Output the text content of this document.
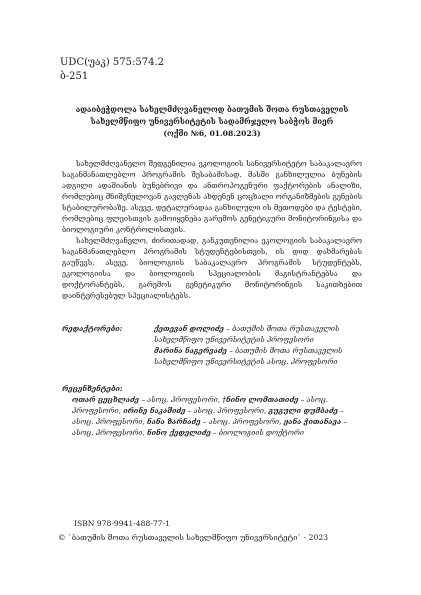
UDC(უაკ) 575:574.2
ბ-251
ადაიბეჭდოლა სახელმძღვანელოდ ბათუმის შოთა რუსთაველის
სახელმწიფო უნივერსიტეტის სადამრჯელო საბჭოს მიერ
(ოქმი №6, 01.08.2023)

სახელმძღვანელო შედგენილია ეკოლოგიის სანივერსიტეტო საბაკალავრო საგანმანათლებლო პროგრამის შესაბამისად. მასში განხილულია ბუნების ადგილი ადამიანის ბუნებრივი და ანთროპოგენური ფაქტორების ანალიზი, რომლებიც მნიშვნელოვან გავლენას ახდენენ ცოცხალი ორგანიზმების გენების სტაბილურობაზე. ასევე, დეტალურადაა განხილული ის მეთოდები და ტესტები, რომლებიც ფლეისთვის გამოიყენება გარემოს გენეტიკური მონიტორინგისა და ბიოლოგიური კონტროლისთვის.

სახელმძღვანელო, ძირითადად, განკუთვნილია ეკოლოგიის საბაკალავრო საგანმანათლებლო პროგრამის სტუდენტებისთვის, ის დიდ დახმარებას გაუწევს, ასევე, ბიოლოგიის საბაკალავრო პროგრამის სტუდენტებს, ეკოლოგიისა და ბიოლოგიის სპეციალობის მაგისტრანტებსა და დოქტორანტებს, გარემოს გენეტიკური მონიტორინგის საკითხებით დაინტერესებულ სპეციალისტებს.

რედაქტორები:	ქეთევან დოლიძე – ბათუმის შოთა რუსთაველის სახელმწიფო უნივერსიტეტის პროფესორი
მარინა ნაგერვაძე – ბათუმის შოთა რუსთაველის სახელმწიფო უნივერსიტეტის ასოც. პროფესორი
რეცენზენტები:
ოთარ ცეცხლაძე – ასოც. პროფესორი, †ნინო ლომთათიძე – ასოც.
პროფესორი, ირინე ნაკაშიძე – ასოც. პროფესორი, გუგული დუმბაძე –
ასოც. პროფესორი, ნანა ზარნაძე – ასოც. პროფესორი, ჟანა ჭითანავა –
ასოც. პროფესორი, ნინო ქედელიძე – ბიოლოგიის დოქტორი
ISBN 978-9941-488-77-1
© `ბათუმის შოთა რუსთაველის სახელმწიფო უნივერსიტეტი` - 2023
